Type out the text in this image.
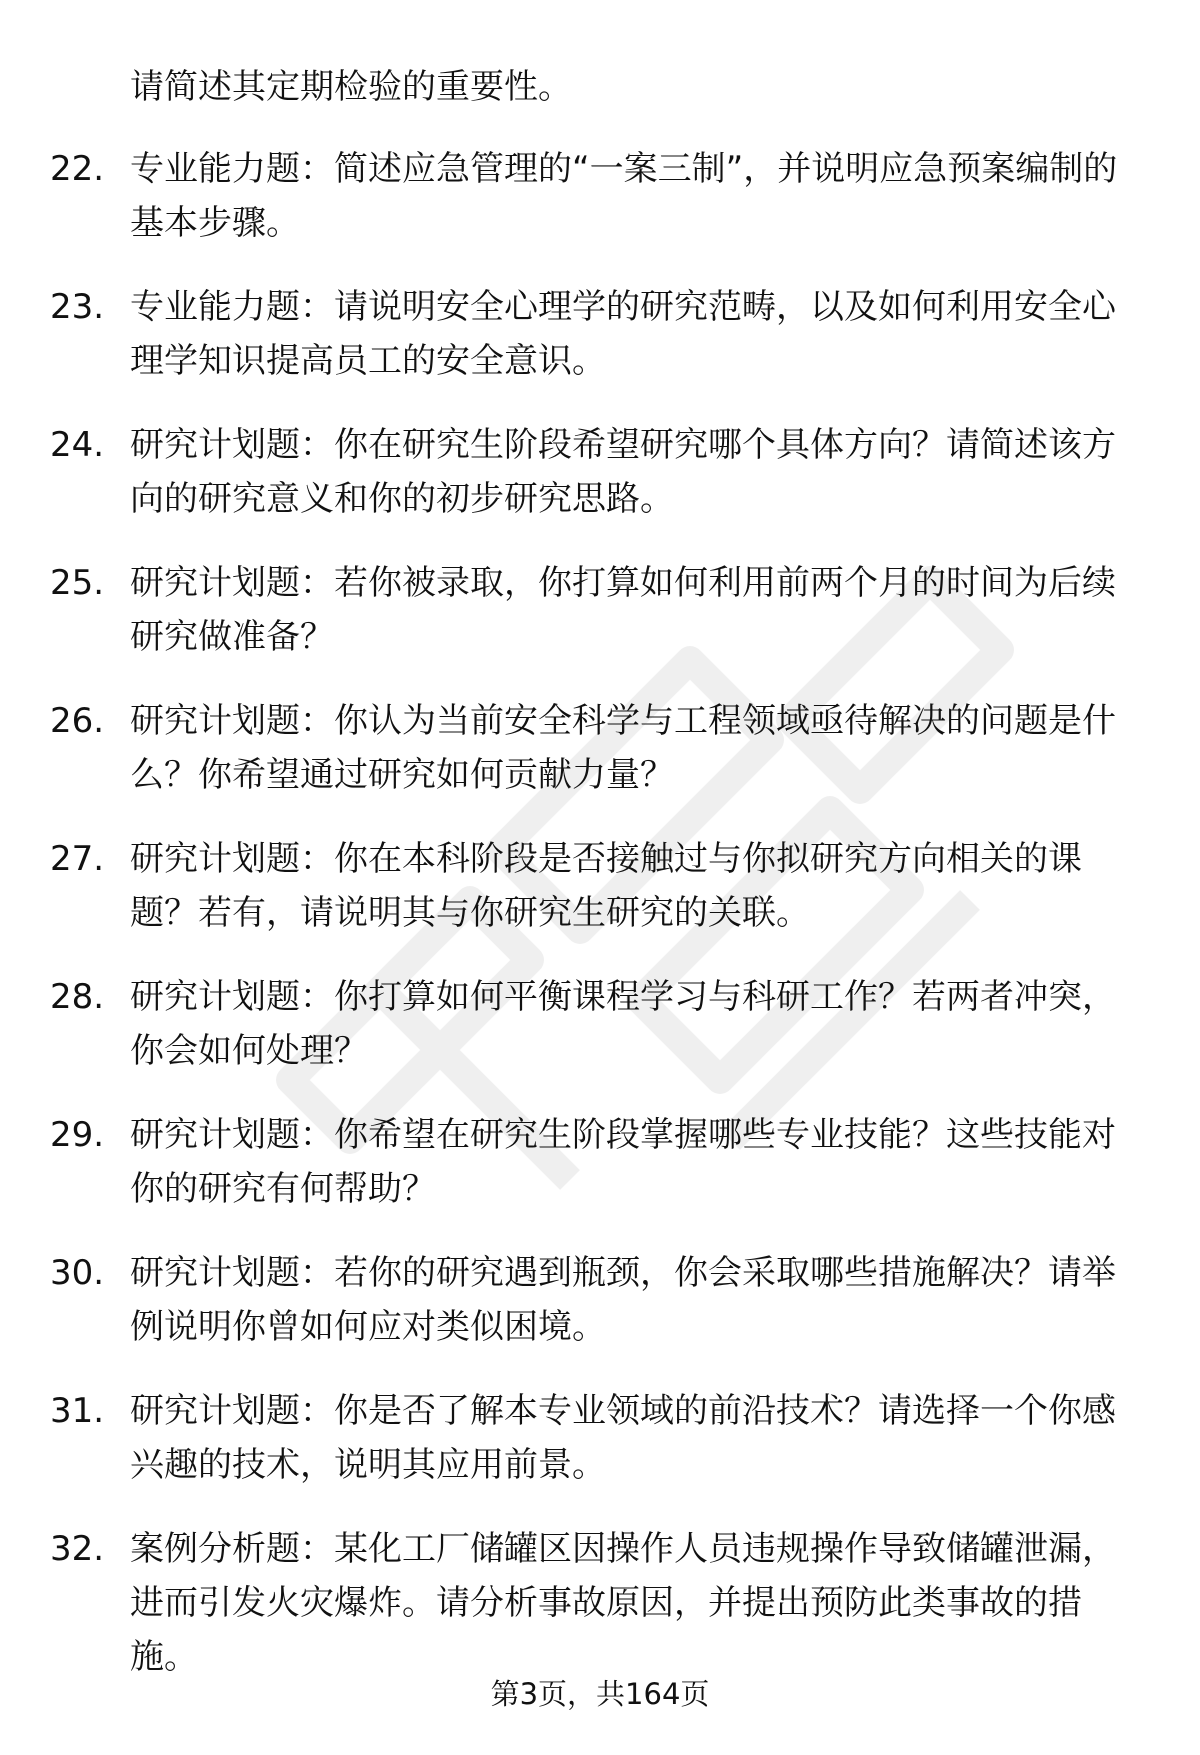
请简述其定期检验的重要性。
22. 专业能力题：简述应急管理的“一案三制”，并说明应急预案编制的基本步骤。
23. 专业能力题：请说明安全心理学的研究范畴，以及如何利用安全心理学知识提高员工的安全意识。
24. 研究计划题：你在研究生阶段希望研究哪个具体方向？请简述该方向的研究意义和你的初步研究思路。
25. 研究计划题：若你被录取，你打算如何利用前两个月的时间为后续研究做准备？
26. 研究计划题：你认为当前安全科学与工程领域亟待解决的问题是什么？你希望通过研究如何贡献力量？
27. 研究计划题：你在本科阶段是否接触过与你拟研究方向相关的课题？若有，请说明其与你研究生研究的关联。
28. 研究计划题：你打算如何平衡课程学习与科研工作？若两者冲突，你会如何处理？
29. 研究计划题：你希望在研究生阶段掌握哪些专业技能？这些技能对你的研究有何帮助？
30. 研究计划题：若你的研究遇到瓶颈，你会采取哪些措施解决？请举例说明你曾如何应对类似困境。
31. 研究计划题：你是否了解本专业领域的前沿技术？请选择一个你感兴趣的技术，说明其应用前景。
32. 案例分析题：某化工厂储罐区因操作人员违规操作导致储罐泄漏，进而引发火灾爆炸。请分析事故原因，并提出预防此类事故的措施。
第3页，共164页
